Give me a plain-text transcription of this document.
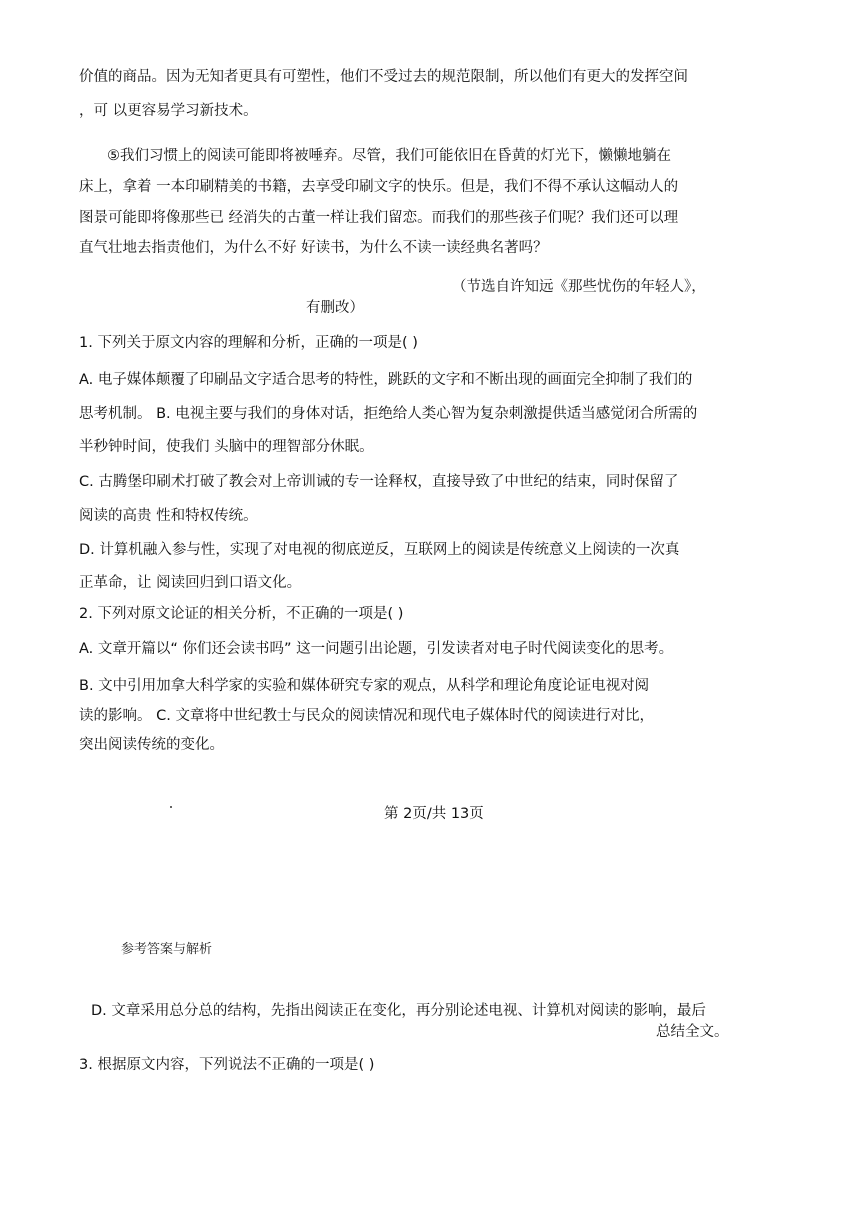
价值的商品。因为无知者更具有可塑性，他们不受过去的规范限制，所以他们有更大的发挥空间
，可 以更容易学习新技术。
⑤我们习惯上的阅读可能即将被唾弃。尽管，我们可能依旧在昏黄的灯光下，懒懒地躺在
床上，拿着 一本印刷精美的书籍，去享受印刷文字的快乐。但是，我们不得不承认这幅动人的
图景可能即将像那些已 经消失的古董一样让我们留恋。而我们的那些孩子们呢？我们还可以理
直气壮地去指责他们，为什么不好 好读书，为什么不读一读经典名著吗？
（节选自许知远《那些忧伤的年轻人》，
有删改）
1. 下列关于原文内容的理解和分析，正确的一项是( )
A. 电子媒体颠覆了印刷品文字适合思考的特性，跳跃的文字和不断出现的画面完全抑制了我们的
思考机制。 B. 电视主要与我们的身体对话，拒绝给人类心智为复杂刺激提供适当感觉闭合所需的
半秒钟时间，使我们 头脑中的理智部分休眠。
C. 古腾堡印刷术打破了教会对上帝训诫的专一诠释权，直接导致了中世纪的结束，同时保留了
阅读的高贵 性和特权传统。
D. 计算机融入参与性，实现了对电视的彻底逆反，互联网上的阅读是传统意义上阅读的一次真
正革命，让 阅读回归到口语文化。
2. 下列对原文论证的相关分析，不正确的一项是( )
A. 文章开篇以“ 你们还会读书吗” 这一问题引出论题，引发读者对电子时代阅读变化的思考。
B. 文中引用加拿大科学家的实验和媒体研究专家的观点，从科学和理论角度论证电视对阅
读的影响。 C. 文章将中世纪教士与民众的阅读情况和现代电子媒体时代的阅读进行对比，
突出阅读传统的变化。
第 2页/共 13页
参考答案与解析
D. 文章采用总分总的结构，先指出阅读正在变化，再分别论述电视、计算机对阅读的影响，最后
总结全文。
3. 根据原文内容，下列说法不正确的一项是( )
